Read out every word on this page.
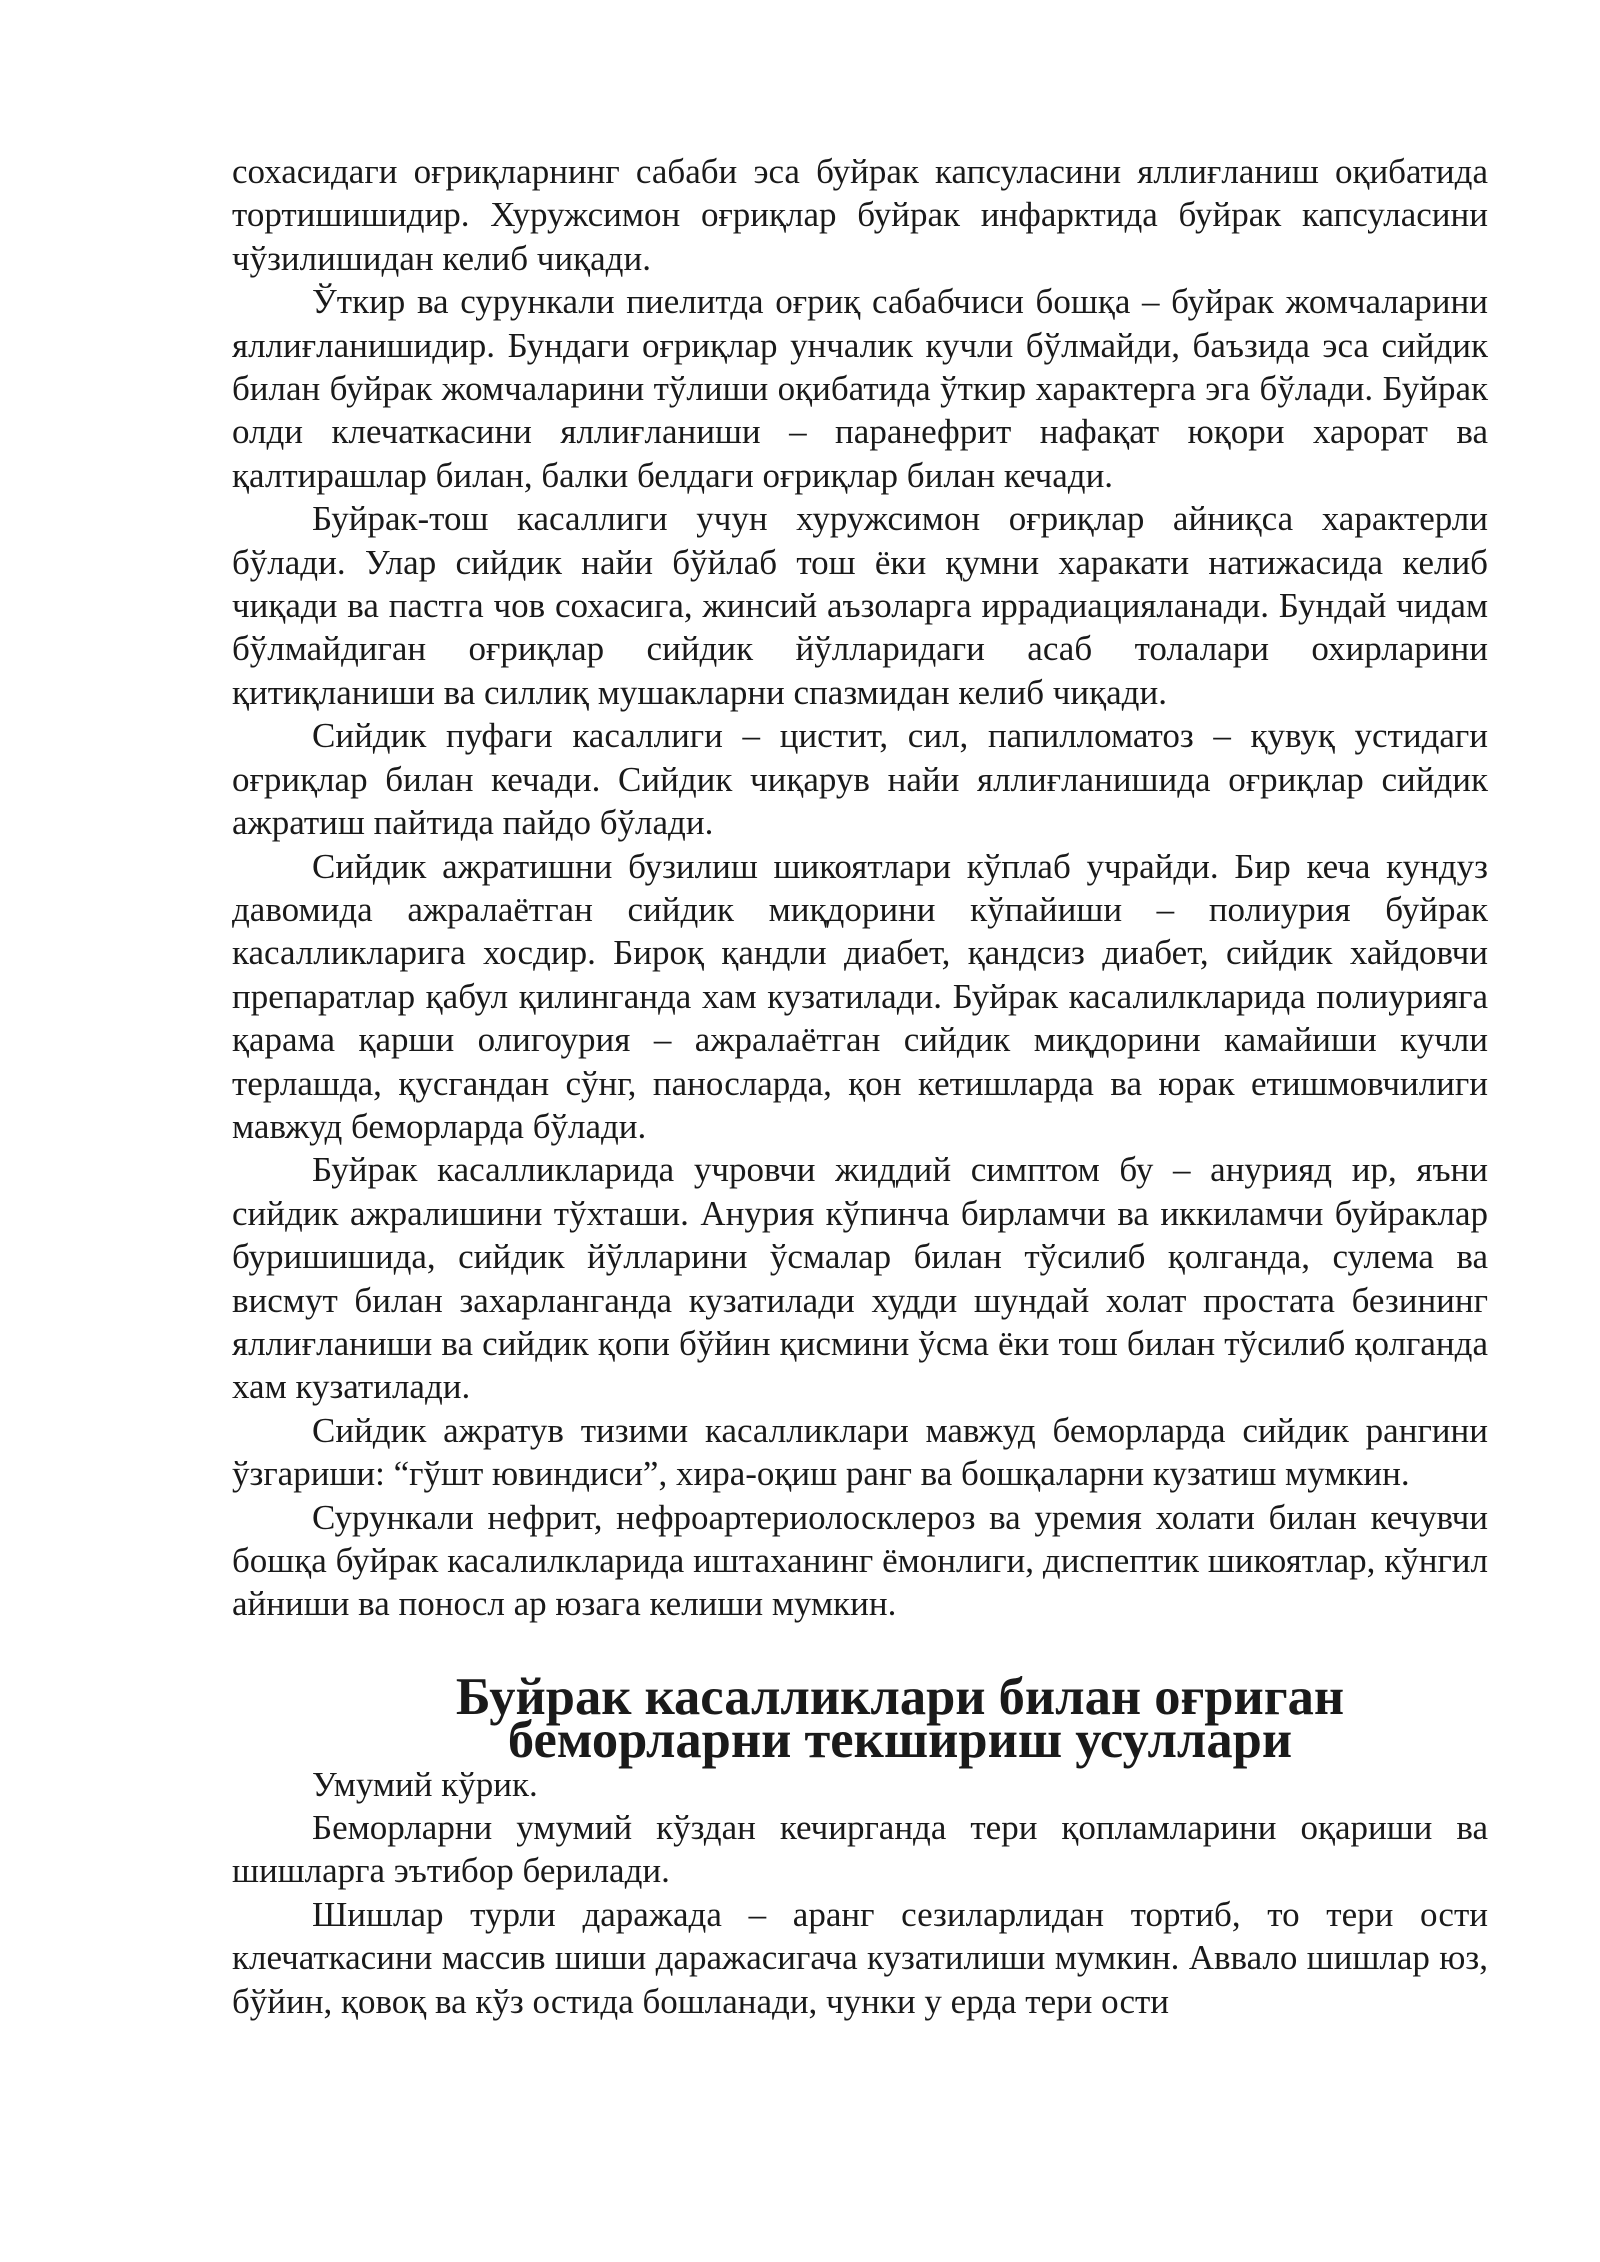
сохасидаги оғриқларнинг сабаби эса буйрак капсуласини яллиғланиш оқибатида тортишишидир. Хуружсимон оғриқлар буйрак инфарктида буйрак капсуласини чўзилишидан келиб чиқади.

Ўткир ва сурункали пиелитда оғриқ сабабчиси бошқа – буйрак жомчаларини яллиғланишидир. Бундаги оғриқлар унчалик кучли бўлмайди, баъзида эса сийдик билан буйрак жомчаларини тўлиши оқибатида ўткир характерга эга бўлади. Буйрак олди клечаткасини яллиғланиши – паранефрит нафақат юқори харорат ва қалтирашлар билан, балки белдаги оғриқлар билан кечади.

Буйрак-тош касаллиги учун хуружсимон оғриқлар айниқса характерли бўлади. Улар сийдик найи бўйлаб тош ёки қумни харакати натижасида келиб чиқади ва пастга чов сохасига, жинсий аъзоларга иррадиацияланади. Бундай чидам бўлмайдиган оғриқлар сийдик йўлларидаги асаб толалари охирларини қитиқланиши ва силлиқ мушакларни спазмидан келиб чиқади.

Сийдик пуфаги касаллиги – цистит, сил, папилломатоз – қувуқ устидаги оғриқлар билан кечади. Сийдик чиқарув найи яллиғланишида оғриқлар сийдик ажратиш пайтида пайдо бўлади.

Сийдик ажратишни бузилиш шикоятлари кўплаб учрайди. Бир кеча кундуз давомида ажралаётган сийдик миқдорини кўпайиши – полиурия буйрак касалликларига хосдир. Бироқ қандли диабет, қандсиз диабет, сийдик хайдовчи препаратлар қабул қилинганда хам кузатилади. Буйрак касалилкларида полиурияга қарама қарши олигоурия – ажралаётган сийдик миқдорини камайиши кучли терлашда, қусгандан сўнг, паносларда, қон кетишларда ва юрак етишмовчилиги мавжуд беморларда бўлади.

Буйрак касалликларида учровчи жиддий симптом бу – анурияд ир, яъни сийдик ажралишини тўхташи. Анурия кўпинча бирламчи ва иккиламчи буйраклар буришишида, сийдик йўлларини ўсмалар билан тўсилиб қолганда, сулема ва висмут билан захарланганда кузатилади худди шундай холат простата безининг яллиғланиши ва сийдик қопи бўйин қисмини ўсма ёки тош билан тўсилиб қолганда хам кузатилади.

Сийдик ажратув тизими касалликлари мавжуд беморларда сийдик рангини ўзгариши: “гўшт ювиндиси”, хира-оқиш ранг ва бошқаларни кузатиш мумкин.

Сурункали нефрит, нефроартериолосклероз ва уремия холати билан кечувчи бошқа буйрак касалилкларида иштаханинг ёмонлиги, диспептик шикоятлар, кўнгил айниши ва поносл ар юзага келиши мумкин.

Буйрак касалликлари билан оғриган беморларни текшириш усуллари

Умумий кўрик.

Беморларни умумий кўздан кечирганда тери қопламларини оқариши ва шишларга эътибор берилади.

Шишлар турли даражада – аранг сезиларлидан тортиб, то тери ости клечаткасини массив шиши даражасигача кузатилиши мумкин. Аввало шишлар юз, бўйин, қовоқ ва кўз остида бошланади, чунки у ерда тери ости
